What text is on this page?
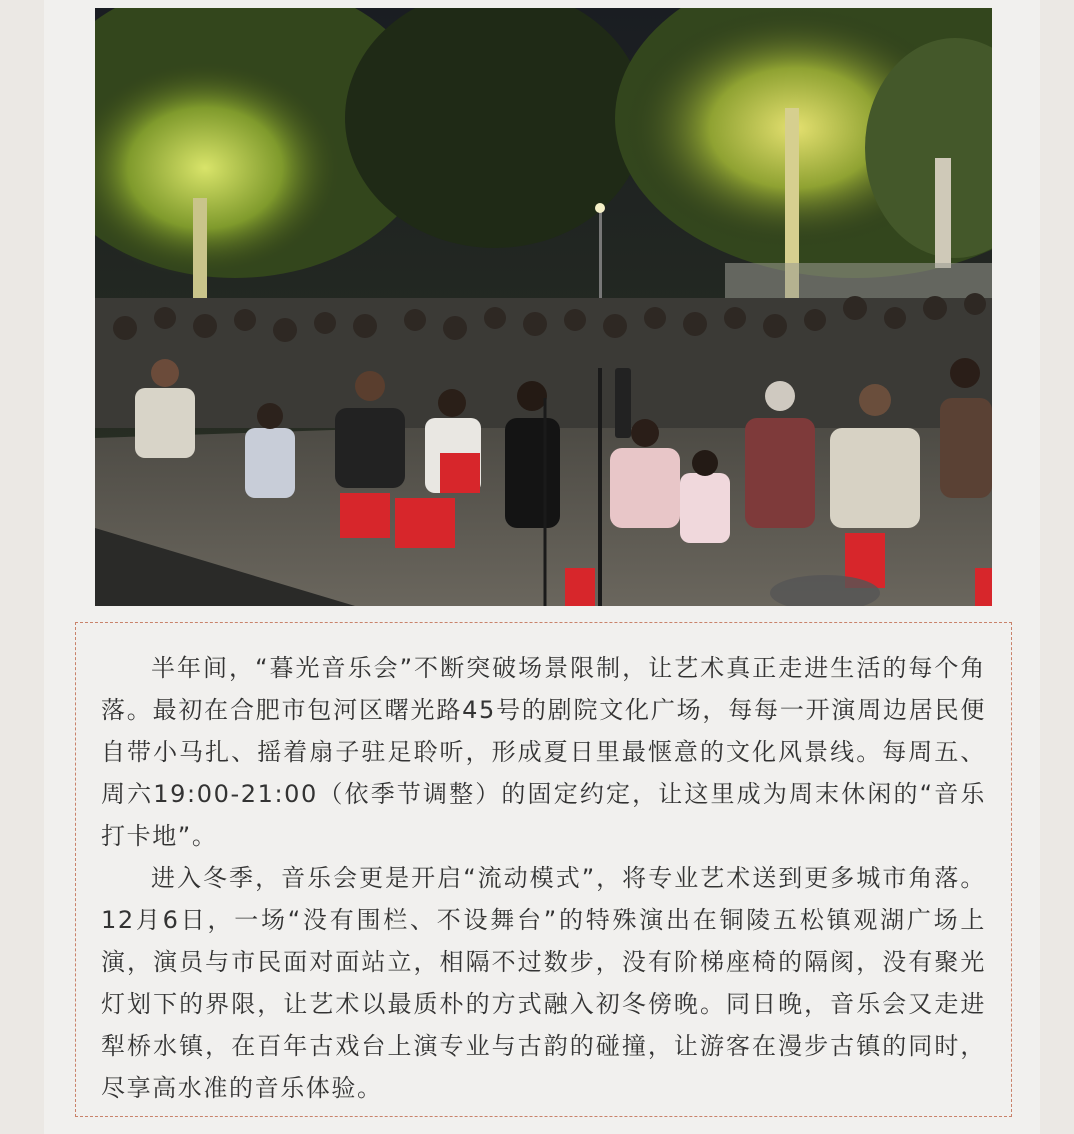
半年间，“暮光音乐会”不断突破场景限制，让艺术真正走进生活的每个角落。最初在合肥市包河区曙光路45号的剧院文化广场，每每一开演周边居民便自带小马扎、摇着扇子驻足聆听，形成夏日里最惬意的文化风景线。每周五、周六19:00-21:00（依季节调整）的固定约定，让这里成为周末休闲的“音乐打卡地”。

进入冬季，音乐会更是开启“流动模式”，将专业艺术送到更多城市角落。12月6日，一场“没有围栏、不设舞台”的特殊演出在铜陵五松镇观湖广场上演，演员与市民面对面站立，相隔不过数步，没有阶梯座椅的隔阂，没有聚光灯划下的界限，让艺术以最质朴的方式融入初冬傍晚。同日晚，音乐会又走进犁桥水镇，在百年古戏台上演专业与古韵的碰撞，让游客在漫步古镇的同时，尽享高水准的音乐体验。
